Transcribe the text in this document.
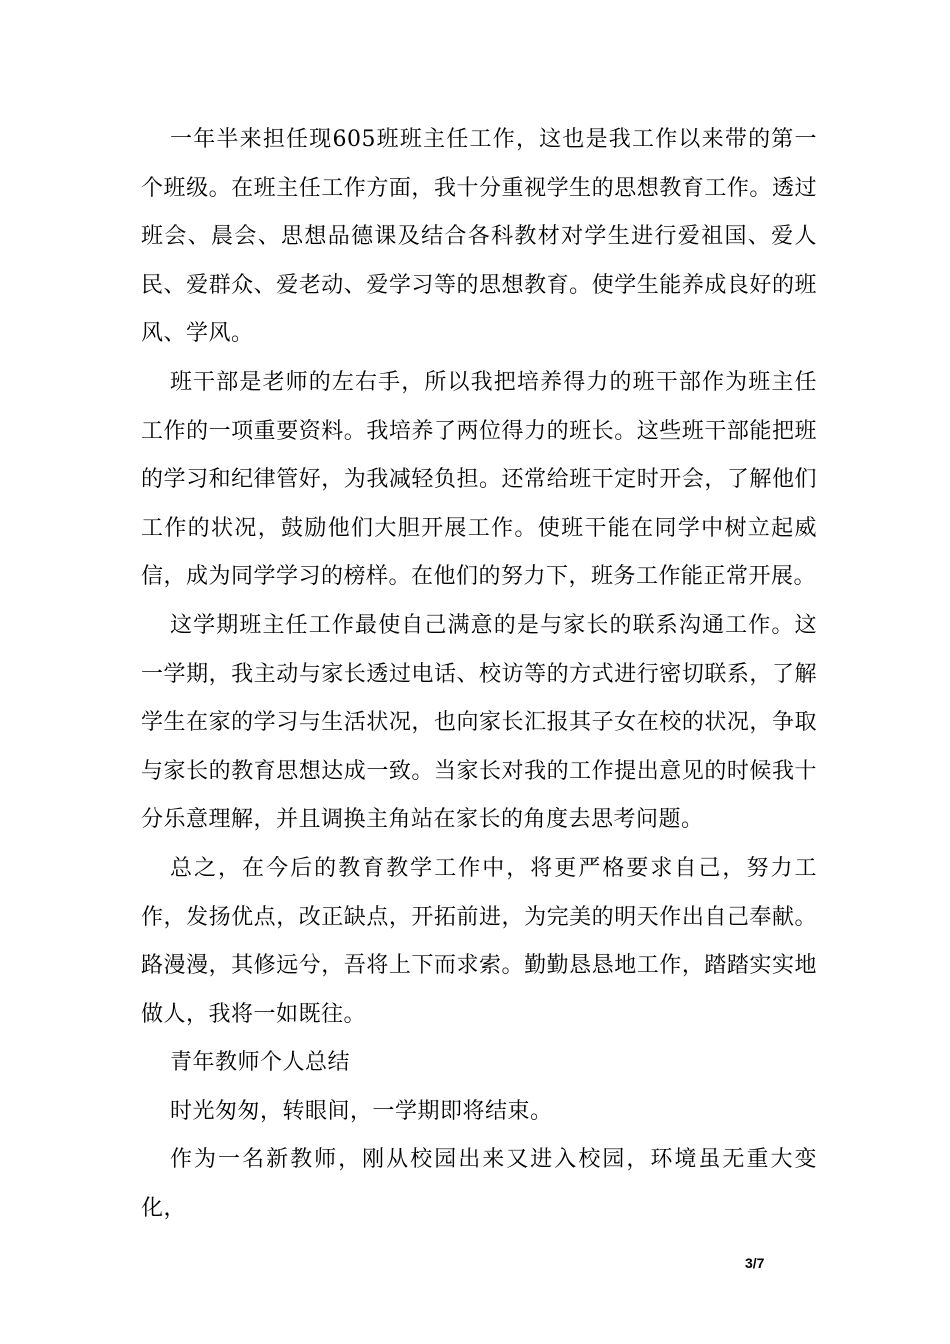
一年半来担任现605班班主任工作，这也是我工作以来带的第一个班级。在班主任工作方面，我十分重视学生的思想教育工作。透过班会、晨会、思想品德课及结合各科教材对学生进行爱祖国、爱人民、爱群众、爱老动、爱学习等的思想教育。使学生能养成良好的班风、学风。

班干部是老师的左右手，所以我把培养得力的班干部作为班主任工作的一项重要资料。我培养了两位得力的班长。这些班干部能把班的学习和纪律管好，为我减轻负担。还常给班干定时开会，了解他们工作的状况，鼓励他们大胆开展工作。使班干能在同学中树立起威信，成为同学学习的榜样。在他们的努力下，班务工作能正常开展。

这学期班主任工作最使自己满意的是与家长的联系沟通工作。这一学期，我主动与家长透过电话、校访等的方式进行密切联系，了解学生在家的学习与生活状况，也向家长汇报其子女在校的状况，争取与家长的教育思想达成一致。当家长对我的工作提出意见的时候我十分乐意理解，并且调换主角站在家长的角度去思考问题。

总之，在今后的教育教学工作中，将更严格要求自己，努力工作，发扬优点，改正缺点，开拓前进，为完美的明天作出自己奉献。路漫漫，其修远兮，吾将上下而求索。勤勤恳恳地工作，踏踏实实地做人，我将一如既往。

青年教师个人总结

时光匆匆，转眼间，一学期即将结束。

作为一名新教师，刚从校园出来又进入校园，环境虽无重大变化，

3/7
